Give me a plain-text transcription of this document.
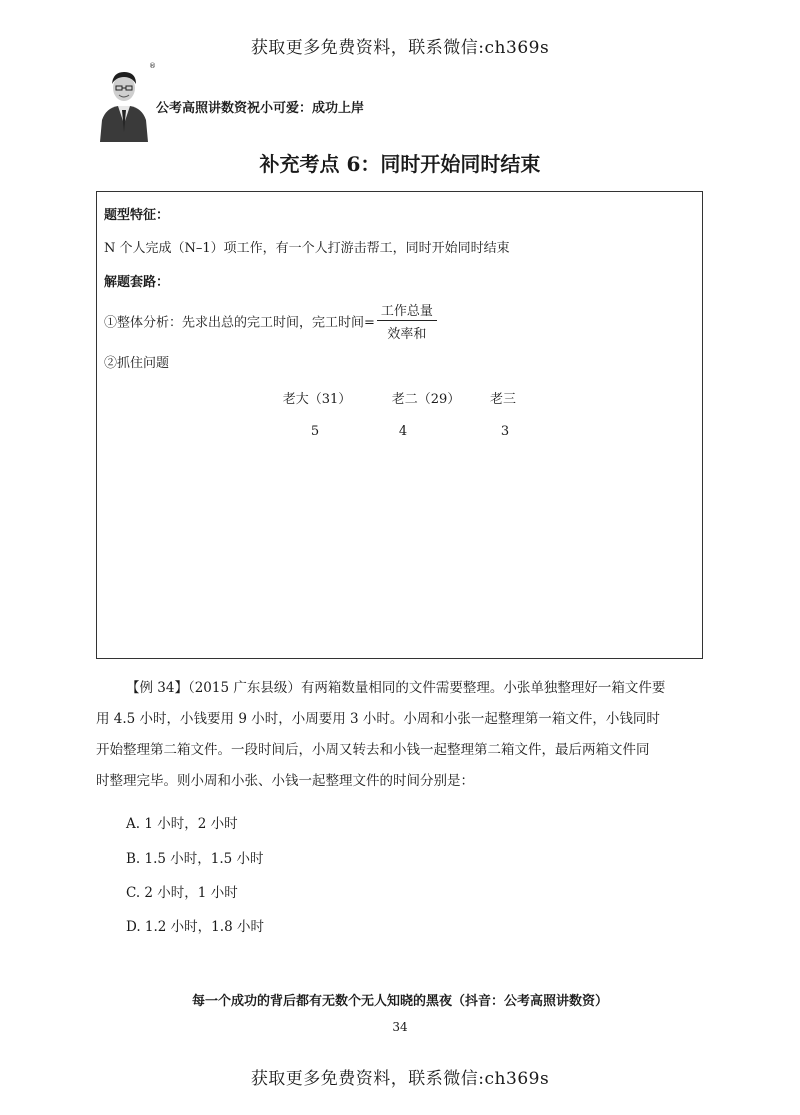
获取更多免费资料，联系微信:ch369s
®
公考高照讲数资祝小可爱：成功上岸
补充考点 6：同时开始同时结束
题型特征：
N 个人完成（N–1）项工作，有一个人打游击帮工，同时开始同时结束
解题套路：
①整体分析：先求出总的完工时间，完工时间= $\frac{\text{工作总量}}{\text{效率和}}$
②抓住问题
老大（31）	老二（29）	老三
5	4	3
【例 34】（2015 广东县级）有两箱数量相同的文件需要整理。小张单独整理好一箱文件要
用 4.5 小时，小钱要用 9 小时，小周要用 3 小时。小周和小张一起整理第一箱文件，小钱同时
开始整理第二箱文件。一段时间后，小周又转去和小钱一起整理第二箱文件，最后两箱文件同
时整理完毕。则小周和小张、小钱一起整理文件的时间分别是：
A. 1 小时，2 小时
B. 1.5 小时，1.5 小时
C. 2 小时，1 小时
D. 1.2 小时，1.8 小时
每一个成功的背后都有无数个无人知晓的黑夜（抖音：公考高照讲数资）
34
获取更多免费资料，联系微信:ch369s
